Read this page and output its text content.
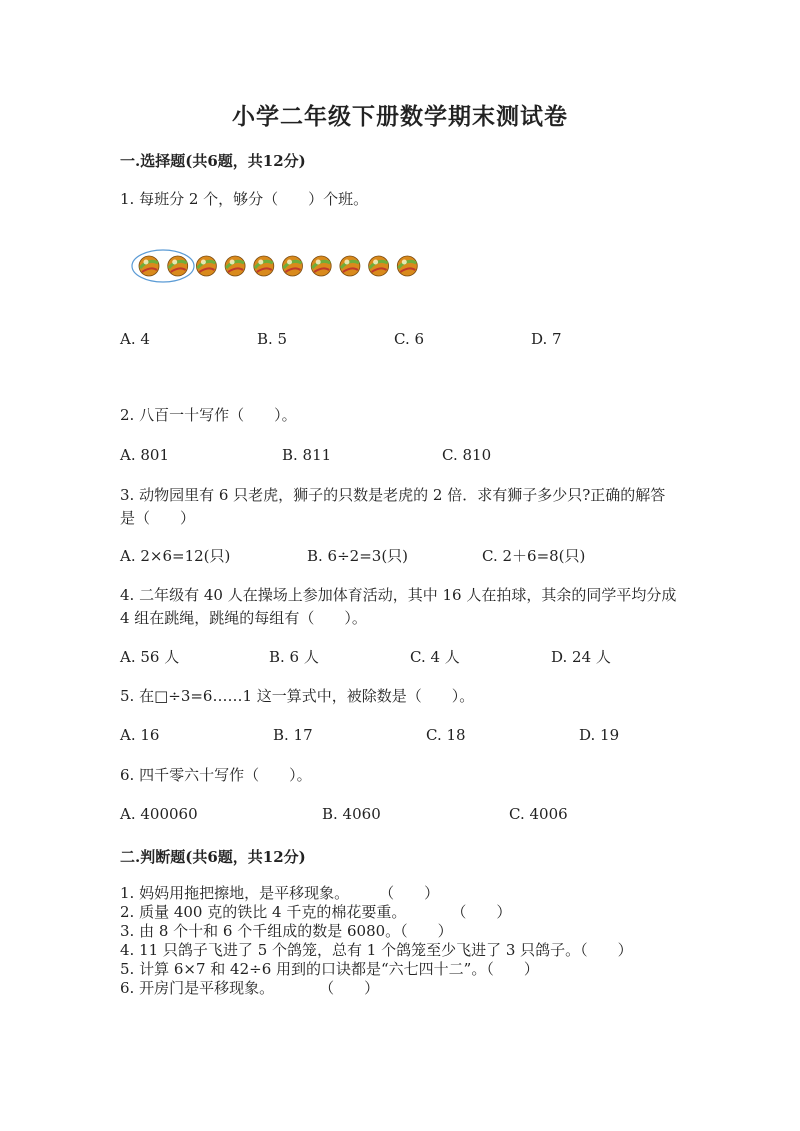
小学二年级下册数学期末测试卷
一.选择题(共6题，共12分)
1. 每班分 2 个，够分（　　）个班。
A. 4	B. 5	C. 6	D. 7
2. 八百一十写作（　　）。
A. 801	B. 811	C. 810
3. 动物园里有 6 只老虎，狮子的只数是老虎的 2 倍．求有狮子多少只?正确的解答是（　　）
A. 2×6=12(只)	B. 6÷2=3(只)	C. 2＋6=8(只)
4. 二年级有 40 人在操场上参加体育活动，其中 16 人在拍球，其余的同学平均分成 4 组在跳绳，跳绳的每组有（　　）。
A. 56 人	B. 6 人	C. 4 人	D. 24 人
5. 在□÷3=6……1 这一算式中，被除数是（　　）。
A. 16	B. 17	C. 18	D. 19
6. 四千零六十写作（　　）。
A. 400060	B. 4060	C. 4006
二.判断题(共6题，共12分)
1. 妈妈用拖把擦地，是平移现象。　　　（　　）
2. 质量 400 克的铁比 4 千克的棉花要重。　　　　（　　）
3. 由 8 个十和 6 个千组成的数是 6080。（　　）
4. 11 只鸽子飞进了 5 个鸽笼，总有 1 个鸽笼至少飞进了 3 只鸽子。（　　）
5. 计算 6×7 和 42÷6 用到的口诀都是“六七四十二”。（　　）
6. 开房门是平移现象。　　　　（　　）
